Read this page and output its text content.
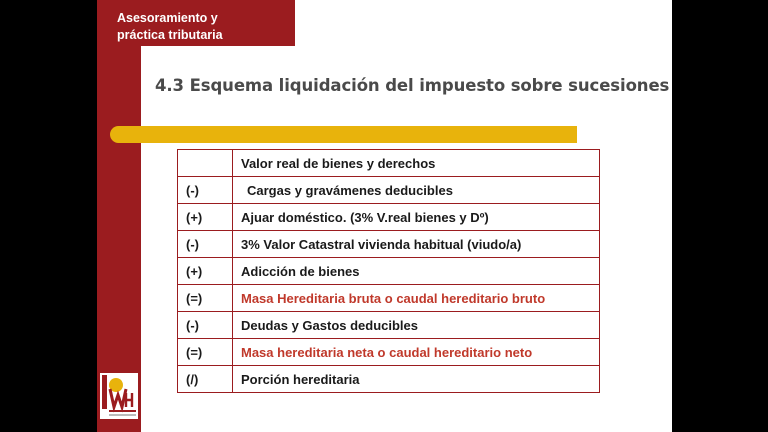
Asesoramiento y
práctica tributaria
4.3 Esquema liquidación del impuesto sobre sucesiones
	Valor real de bienes y derechos
(-)	Cargas y gravámenes deducibles
(+)	Ajuar doméstico. (3% V.real bienes y Dº)
(-)	3% Valor Catastral vivienda habitual (viudo/a)
(+)	Adicción de bienes
(=)	Masa Hereditaria bruta o caudal hereditario bruto
(-)	Deudas y Gastos deducibles
(=)	Masa hereditaria neta o caudal hereditario neto
(/)	Porción hereditaria
